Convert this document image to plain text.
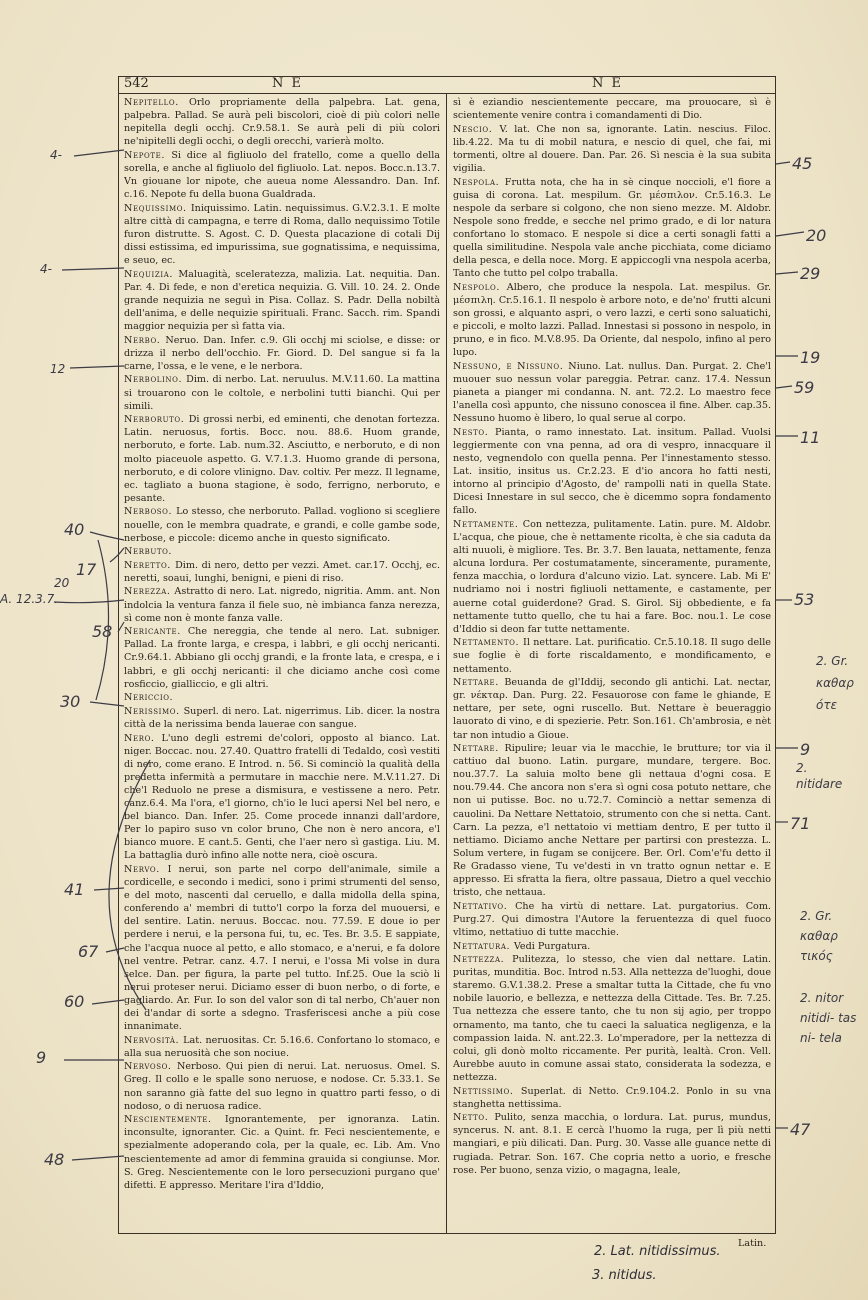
542	N E	N E

Nepitello. Orlo propriamente della palpebra. Lat. gena, palpebra. Pallad. Se aurà peli biscolori, cioè di più colori nelle nepitella degli occhj. Cr.9.58.1. Se aurà peli di più colori ne'nipitelli degli occhi, o degli orecchi, varierà molto.

Nepote. Si dice al figliuolo del fratello, come a quello della sorella, e anche al figliuolo del figliuolo. Lat. nepos. Bocc.n.13.7. Vn giouane lor nipote, che aueua nome Alessandro. Dan. Inf. c.16. Nepote fu della buona Gualdrada.

Nequissimo. Iniquissimo. Latin. nequissimus. G.V.2.3.1. E molte altre città di campagna, e terre di Roma, dallo nequissimo Totile furon distrutte. S. Agost. C. D. Questa placazione di cotali Dij dissi estissima, ed impurissima, sue gognatissima, e nequissima, e seuo, ec.

Nequizia. Maluagità, sceleratezza, malizia. Lat. nequitia. Dan. Par. 4. Di fede, e non d'eretica nequizia. G. Vill. 10. 24. 2. Onde grande nequizia ne seguì in Pisa. Collaz. S. Padr. Della nobiltà dell'anima, e delle nequizie spirituali. Franc. Sacch. rim. Spandi maggior nequizia per sì fatta via.

Nerbo. Neruo. Dan. Infer. c.9. Gli occhj mi sciolse, e disse: or drizza il nerbo dell'occhio. Fr. Giord. D. Del sangue si fa la carne, l'ossa, e le vene, e le nerbora.

Nerbolino. Dim. di nerbo. Lat. neruulus. M.V.11.60. La mattina si trouarono con le coltole, e nerbolini tutti bianchi. Qui per simili.

Nerboruto. Di grossi nerbi, ed eminenti, che denotan fortezza. Latin. neruosus, fortis. Bocc. nou. 88.6. Huom grande, nerboruto, e forte. Lab. num.32. Asciutto, e nerboruto, e di non molto piaceuole aspetto. G. V.7.1.3. Huomo grande di persona, nerboruto, e di colore vlinigno. Dav. coltiv. Per mezz. Il legname, ec. tagliato a buona stagione, è sodo, ferrigno, nerboruto, e pesante.

Nerboso. Lo stesso, che nerboruto. Pallad. vogliono si scegliere nouelle, con le membra quadrate, e grandi, e colle gambe sode, nerbose, e piccole: dicemo anche in questo significato.

Nerbuto.

Neretto. Dim. di nero, detto per vezzi. Amet. car.17. Occhj, ec. neretti, soaui, lunghi, benigni, e pieni di riso.

Nerezza. Astratto di nero. Lat. nigredo, nigritia. Amm. ant. Non indolcia la ventura fanza il fiele suo, nè imbianca fanza nerezza, sì come non è monte fanza valle.

Nericante. Che nereggia, che tende al nero. Lat. subniger. Pallad. La fronte larga, e crespa, i labbri, e gli occhj nericanti. Cr.9.64.1. Abbiano gli occhj grandi, e la fronte lata, e crespa, e i labbri, e gli occhj nericanti: il che diciamo anche così come rosficcio, gialliccio, e gli altri.

Nericcio.

Nerissimo. Superl. di nero. Lat. nigerrimus. Lib. dicer. la nostra città de la nerissima benda lauerae con sangue.

Nero. L'uno degli estremi de'colori, opposto al bianco. Lat. niger. Boccac. nou. 27.40. Quattro fratelli di Tedaldo, così vestiti di nero, come erano. E Introd. n. 56. Si cominciò la qualità della predetta infermità a permutare in macchie nere. M.V.11.27. Di che'l Reduolo ne prese a dismisura, e vestissene a nero. Petr. canz.6.4. Ma l'ora, e'l giorno, ch'io le luci apersi Nel bel nero, e bel bianco. Dan. Infer. 25. Come procede innanzi dall'ardore, Per lo papiro suso vn color bruno, Che non è nero ancora, e'l bianco muore. E cant.5. Genti, che l'aer nero sì gastiga. Liu. M. La battaglia durò infino alle notte nera, cioè oscura.

Nervo. I nerui, son parte nel corpo dell'animale, simile a cordicelle, e secondo i medici, sono i primi strumenti del senso, e del moto, nascenti dal ceruello, e dalla midolla della spina, conferendo a' membri di tutto'l corpo la forza del muouersi, e del sentire. Latin. neruus. Boccac. nou. 77.59. E doue io per perdere i nerui, e la persona fui, tu, ec. Tes. Br. 3.5. E sappiate, che l'acqua nuoce al petto, e allo stomaco, e a'nerui, e fa dolore nel ventre. Petrar. canz. 4.7. I nerui, e l'ossa Mi volse in dura selce. Dan. per figura, la parte pel tutto. Inf.25. Oue la sciò li nerui proteser nerui. Diciamo esser di buon nerbo, o di forte, e gagliardo. Ar. Fur. Io son del valor son di tal nerbo, Ch'auer non dei d'andar di sorte a sdegno. Trasferiscesi anche a più cose innanimate.

Nervosità. Lat. neruositas. Cr. 5.16.6. Confortano lo stomaco, e alla sua neruosità che son nociue.

Nervoso. Nerboso. Qui pien di nerui. Lat. neruosus. Omel. S. Greg. Il collo e le spalle sono neruose, e nodose. Cr. 5.33.1. Se non saranno già fatte del suo legno in quattro parti fesso, o di nodoso, o di neruosa radice.

Nescientemente. Ignorantemente, per ignoranza. Latin. inconsulte, ignoranter. Cic. a Quint. fr. Feci nescientemente, e spezialmente adoperando cola, per la quale, ec. Lib. Am. Vno nescientemente ad amor di femmina grauida si congiunse. Mor. S. Greg. Nescientemente con le loro persecuzioni purgano que' difetti. E appresso. Meritare l'ira d'Iddio,

sì è eziandio nescientemente peccare, ma prouocare, sì è scientemente venire contra i comandamenti di Dio.

Nescio. V. lat. Che non sa, ignorante. Latin. nescius. Filoc. lib.4.22. Ma tu di mobil natura, e nescio di quel, che fai, mi tormenti, oltre al douere. Dan. Par. 26. Sì nescia è la sua subita vigilia.

Nespola. Frutta nota, che ha in sè cinque noccioli, e'l fiore a guisa di corona. Lat. mespilum. Gr. μέσπιλον. Cr.5.16.3. Le nespole da serbare si colgono, che non sieno mezze. M. Aldobr. Nespole sono fredde, e secche nel primo grado, e di lor natura confortano lo stomaco. E nespole si dice a certi sonagli fatti a quella similitudine. Nespola vale anche picchiata, come diciamo della pesca, e della noce. Morg. E appiccogli vna nespola acerba, Tanto che tutto pel colpo traballa.

Nespolo. Albero, che produce la nespola. Lat. mespilus. Gr. μέσπιλη. Cr.5.16.1. Il nespolo è arbore noto, e de'no' frutti alcuni son grossi, e alquanto aspri, o vero lazzi, e certi sono saluatichi, e piccoli, e molto lazzi. Pallad. Innestasi si possono in nespolo, in pruno, e in fico. M.V.8.95. Da Oriente, dal nespolo, infino al pero lupo.

Nessuno, e Nissuno. Niuno. Lat. nullus. Dan. Purgat. 2. Che'l muouer suo nessun volar pareggia. Petrar. canz. 17.4. Nessun pianeta a pianger mi condanna. N. ant. 72.2. Lo maestro fece l'anella così appunto, che nissuno conoscea il fine. Alber. cap.35. Nessuno huomo è libero, lo qual serue al corpo.

Nesto. Pianta, o ramo innestato. Lat. insitum. Pallad. Vuolsi leggiermente con vna penna, ad ora di vespro, innacquare il nesto, vegnendolo con quella penna. Per l'innestamento stesso. Lat. insitio, insitus us. Cr.2.23. E d'io ancora ho fatti nesti, intorno al principio d'Agosto, de' rampolli nati in quella State. Dicesi Innestare in sul secco, che è dicemmo sopra fondamento fallo.

Nettamente. Con nettezza, pulitamente. Latin. pure. M. Aldobr. L'acqua, che pioue, che è nettamente ricolta, è che sia caduta da alti nuuoli, è migliore. Tes. Br. 3.7. Ben lauata, nettamente, fenza alcuna lordura. Per costumatamente, sinceramente, puramente, fenza macchia, o lordura d'alcuno vizio. Lat. syncere. Lab. Mi E' nudriamo noi i nostri figliuoli nettamente, e castamente, per auerne cotal guiderdone? Grad. S. Girol. Sij obbediente, e fa nettamente tutto quello, che tu hai a fare. Boc. nou.1. Le cose d'Iddio si deon far tutte nettamente.

Nettamento. Il nettare. Lat. purificatio. Cr.5.10.18. Il sugo delle sue foglie è di forte riscaldamento, e mondificamento, e nettamento.

Nettare. Beuanda de gl'Iddij, secondo gli antichi. Lat. nectar, gr. νέκταρ. Dan. Purg. 22. Fesauorose con fame le ghiande, E nettare, per sete, ogni ruscello. But. Nettare è beueraggio lauorato di vino, e di spezierie. Petr. Son.161. Ch'ambrosia, e nèt tar non intudio a Gioue.

Nettare. Ripulire; leuar via le macchie, le brutture; tor via il cattiuo dal buono. Latin. purgare, mundare, tergere. Boc. nou.37.7. La saluia molto bene gli nettaua d'ogni cosa. E nou.79.44. Che ancora non s'era sì ogni cosa potuto nettare, che non ui putisse. Boc. no u.72.7. Cominciò a nettar semenza di cauolini. Da Nettare Nettatoio, strumento con che si netta. Cant. Carn. La pezza, e'l nettatoio vi mettiam dentro, E per tutto il nettiamo. Diciamo anche Nettare per partirsi con prestezza. L. Solum vertere, in fugam se conijcere. Ber. Orl. Com'e'fu detto il Re Gradasso viene, Tu ve'desti in vn tratto ognun nettar e. E appresso. Ei sfratta la fiera, oltre passaua, Dietro a quel vecchio tristo, che nettaua.

Nettativo. Che ha virtù di nettare. Lat. purgatorius. Com. Purg.27. Qui dimostra l'Autore la feruentezza di quel fuoco vltimo, nettatiuo di tutte macchie.

Nettatura. Vedi Purgatura.

Nettezza. Pulitezza, lo stesso, che vien dal nettare. Latin. puritas, munditia. Boc. Introd n.53. Alla nettezza de'luoghi, doue staremo. G.V.1.38.2. Prese a smaltar tutta la Cittade, che fu vno nobile lauorio, e bellezza, e nettezza della Cittade. Tes. Br. 7.25. Tua nettezza che essere tanto, che tu non sij agio, per troppo ornamento, ma tanto, che tu caeci la saluatica negligenza, e la compassion laida. N. ant.22.3. Lo'mperadore, per la nettezza di colui, gli donò molto riccamente. Per purità, lealtà. Cron. Vell. Aurebbe auuto in comune assai stato, considerata la sodezza, e nettezza.

Nettissimo. Superlat. di Netto. Cr.9.104.2. Ponlo in su vna stanghetta nettissima.

Netto. Pulito, senza macchia, o lordura. Lat. purus, mundus, syncerus. N. ant. 8.1. E cercà l'huomo la ruga, per lì più netti mangiari, e più dilicati. Dan. Purg. 30. Vasse alle guance nette di rugiada. Petrar. Son. 167. Che copria netto a uorio, e fresche rose. Per buono, senza vizio, o magagna, leale,

Latin.
4-
4-
12
40
17
20
A. 12.3.7.
58
30
41
67
60
9
48
45
20
29
19
59
11
53
2. Gr. καθαρ ότε
9
2. nitidare
71
2. Gr. καθαρ τικός
2. nitor nitidi- tas ni- tela
47
2. Lat. nitidissimus.
3. nitidus.
